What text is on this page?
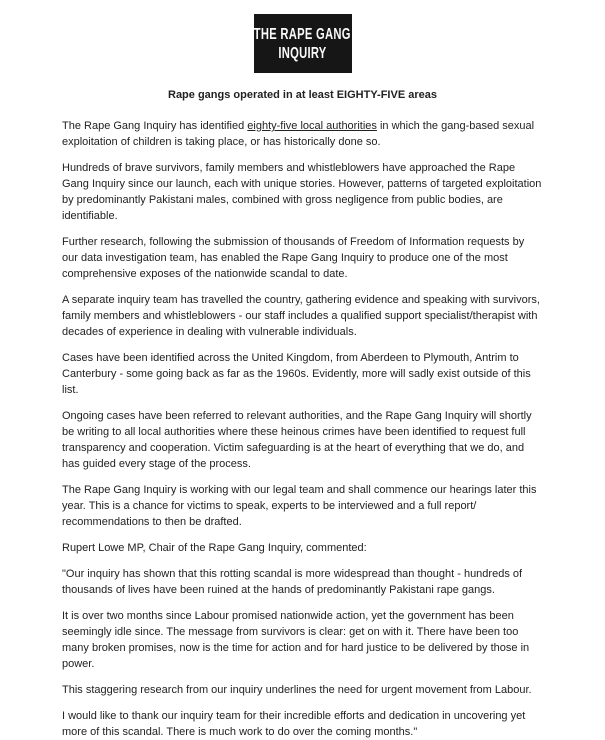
THE RAPE GANG
INQUIRY
Rape gangs operated in at least EIGHTY-FIVE areas

The Rape Gang Inquiry has identified eighty-five local authorities in which the gang-based sexual exploitation of children is taking place, or has historically done so.

Hundreds of brave survivors, family members and whistleblowers have approached the Rape Gang Inquiry since our launch, each with unique stories. However, patterns of targeted exploitation by predominantly Pakistani males, combined with gross negligence from public bodies, are identifiable.

Further research, following the submission of thousands of Freedom of Information requests by our data investigation team, has enabled the Rape Gang Inquiry to produce one of the most comprehensive exposes of the nationwide scandal to date.

A separate inquiry team has travelled the country, gathering evidence and speaking with survivors, family members and whistleblowers - our staff includes a qualified support specialist/therapist with decades of experience in dealing with vulnerable individuals.

Cases have been identified across the United Kingdom, from Aberdeen to Plymouth, Antrim to Canterbury - some going back as far as the 1960s. Evidently, more will sadly exist outside of this list.

Ongoing cases have been referred to relevant authorities, and the Rape Gang Inquiry will shortly be writing to all local authorities where these heinous crimes have been identified to request full transparency and cooperation. Victim safeguarding is at the heart of everything that we do, and has guided every stage of the process.

The Rape Gang Inquiry is working with our legal team and shall commence our hearings later this year. This is a chance for victims to speak, experts to be interviewed and a full report/ recommendations to then be drafted.

Rupert Lowe MP, Chair of the Rape Gang Inquiry, commented:

"Our inquiry has shown that this rotting scandal is more widespread than thought - hundreds of thousands of lives have been ruined at the hands of predominantly Pakistani rape gangs.

It is over two months since Labour promised nationwide action, yet the government has been seemingly idle since. The message from survivors is clear: get on with it. There have been too many broken promises, now is the time for action and for hard justice to be delivered by those in power.

This staggering research from our inquiry underlines the need for urgent movement from Labour.

I would like to thank our inquiry team for their incredible efforts and dedication in uncovering yet more of this scandal. There is much work to do over the coming months."
